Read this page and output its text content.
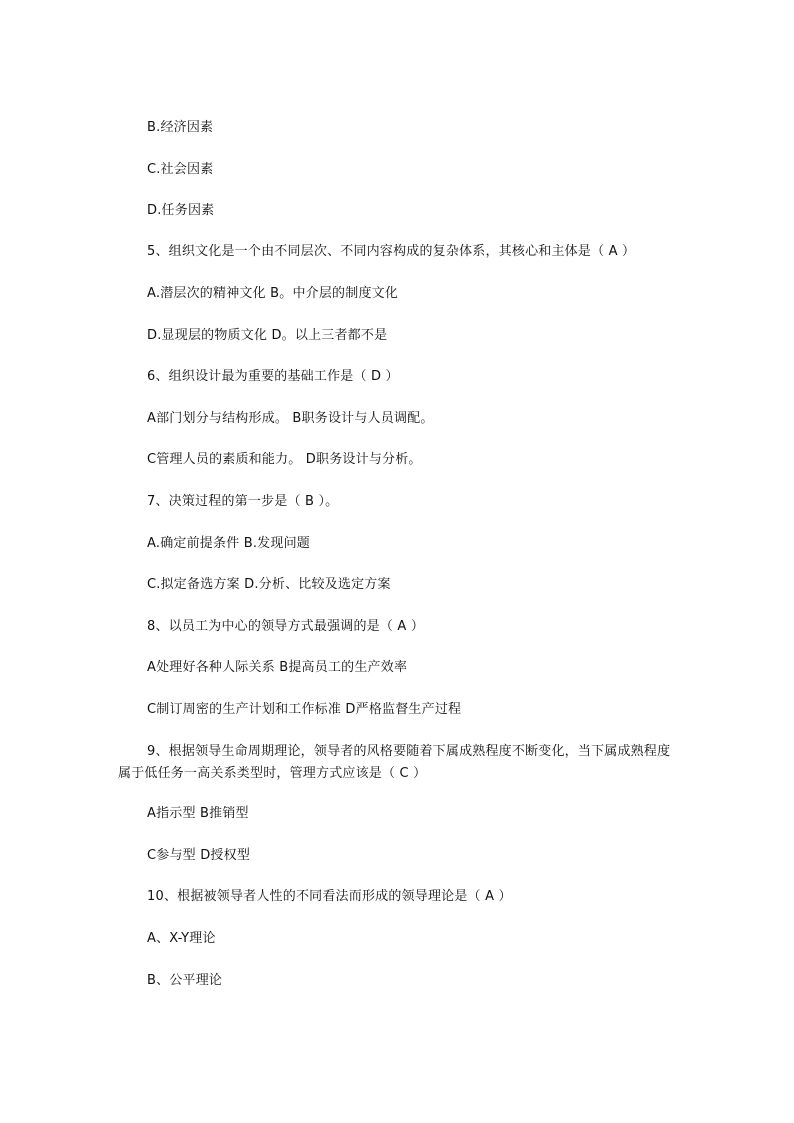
B.经济因素
C.社会因素
D.任务因素
5、组织文化是一个由不同层次、不同内容构成的复杂体系，其核心和主体是（ A ）
A.潜层次的精神文化 B。中介层的制度文化
D.显现层的物质文化 D。以上三者都不是
6、组织设计最为重要的基础工作是（ D ）
A部门划分与结构形成。 B职务设计与人员调配。
C管理人员的素质和能力。 D职务设计与分析。
7、决策过程的第一步是（ B ）。
A.确定前提条件 B.发现问题
C.拟定备选方案 D.分析、比较及选定方案
8、以员工为中心的领导方式最强调的是（ A ）
A处理好各种人际关系 B提高员工的生产效率
C制订周密的生产计划和工作标准 D严格监督生产过程
9、根据领导生命周期理论，领导者的风格要随着下属成熟程度不断变化，当下属成熟程度属于低任务一高关系类型时，管理方式应该是（ C ）
A指示型 B推销型
C参与型 D授权型
10、根据被领导者人性的不同看法而形成的领导理论是（ A ）
A、X-Y理论
B、公平理论
